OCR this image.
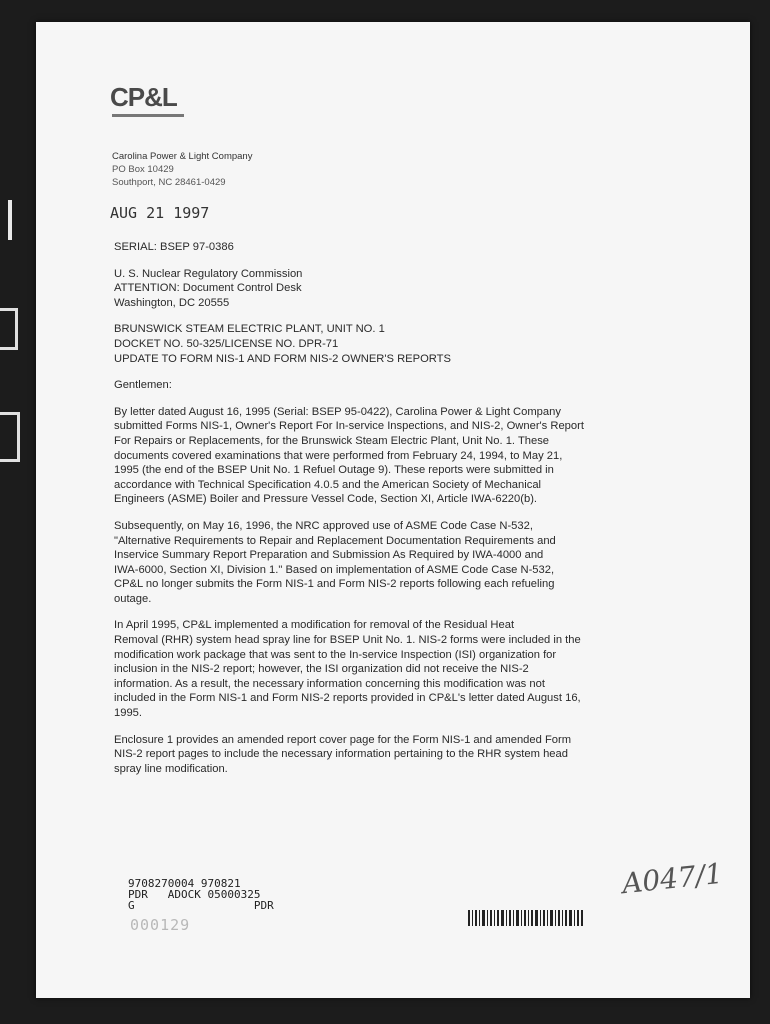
CP&L
Carolina Power & Light Company
PO Box 10429
Southport, NC 28461-0429
AUG 21 1997

SERIAL: BSEP 97-0386

U. S. Nuclear Regulatory Commission
ATTENTION: Document Control Desk
Washington, DC 20555

BRUNSWICK STEAM ELECTRIC PLANT, UNIT NO. 1
DOCKET NO. 50-325/LICENSE NO. DPR-71
UPDATE TO FORM NIS-1 AND FORM NIS-2 OWNER'S REPORTS

Gentlemen:

By letter dated August 16, 1995 (Serial: BSEP 95-0422), Carolina Power & Light Company
submitted Forms NIS-1, Owner's Report For In-service Inspections, and NIS-2, Owner's Report
For Repairs or Replacements, for the Brunswick Steam Electric Plant, Unit No. 1. These
documents covered examinations that were performed from February 24, 1994, to May 21,
1995 (the end of the BSEP Unit No. 1 Refuel Outage 9). These reports were submitted in
accordance with Technical Specification 4.0.5 and the American Society of Mechanical
Engineers (ASME) Boiler and Pressure Vessel Code, Section XI, Article IWA-6220(b).

Subsequently, on May 16, 1996, the NRC approved use of ASME Code Case N-532,
"Alternative Requirements to Repair and Replacement Documentation Requirements and
Inservice Summary Report Preparation and Submission As Required by IWA-4000 and
IWA-6000, Section XI, Division 1." Based on implementation of ASME Code Case N-532,
CP&L no longer submits the Form NIS-1 and Form NIS-2 reports following each refueling
outage.

In April 1995, CP&L implemented a modification for removal of the Residual Heat
Removal (RHR) system head spray line for BSEP Unit No. 1. NIS-2 forms were included in the
modification work package that was sent to the In-service Inspection (ISI) organization for
inclusion in the NIS-2 report; however, the ISI organization did not receive the NIS-2
information. As a result, the necessary information concerning this modification was not
included in the Form NIS-1 and Form NIS-2 reports provided in CP&L's letter dated August 16,
1995.

Enclosure 1 provides an amended report cover page for the Form NIS-1 and amended Form
NIS-2 report pages to include the necessary information pertaining to the RHR system head
spray line modification.

9708270004 970821
PDR   ADOCK 05000325
G                  PDR
000129
A047/1
